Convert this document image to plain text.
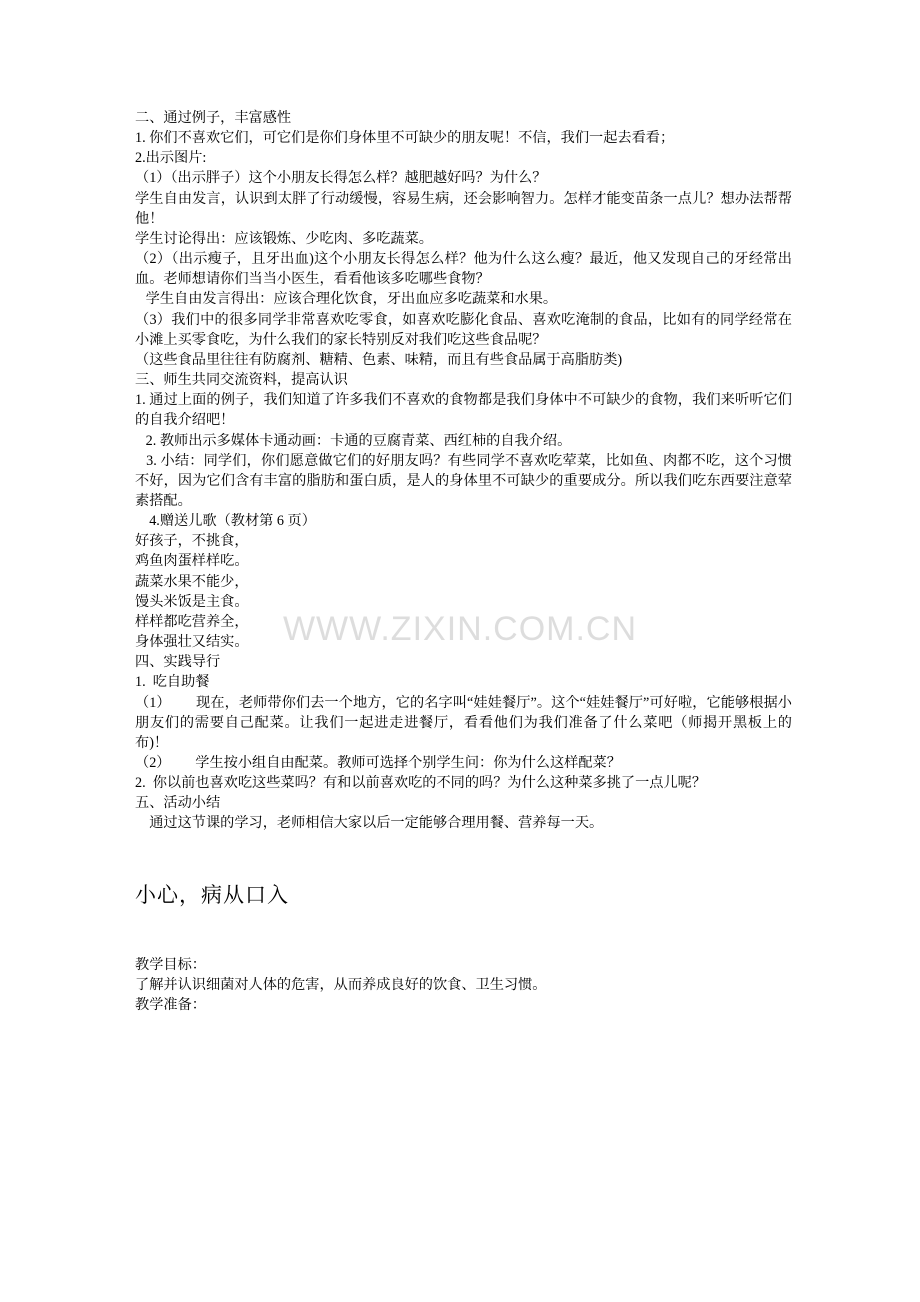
WWW.ZIXIN.COM.CN

二、通过例子，丰富感性

1. 你们不喜欢它们，可它们是你们身体里不可缺少的朋友呢！不信，我们一起去看看；

2.出示图片:

（1）（出示胖子）这个小朋友长得怎么样？越肥越好吗？为什么？

学生自由发言，认识到太胖了行动缓慢，容易生病，还会影响智力。怎样才能变苗条一点儿？想办法帮帮他！

学生讨论得出：应该锻炼、少吃肉、多吃蔬菜。

（2）（出示瘦子，且牙出血)这个小朋友长得怎么样？他为什么这么瘦？最近，他又发现自己的牙经常出血。老师想请你们当当小医生，看看他该多吃哪些食物？

学生自由发言得出：应该合理化饮食，牙出血应多吃蔬菜和水果。

（3）我们中的很多同学非常喜欢吃零食，如喜欢吃膨化食品、喜欢吃淹制的食品，比如有的同学经常在小滩上买零食吃，为什么我们的家长特别反对我们吃这些食品呢？

（这些食品里往往有防腐剂、糖精、色素、味精，而且有些食品属于高脂肪类)

三、师生共同交流资料，提高认识

1. 通过上面的例子，我们知道了许多我们不喜欢的食物都是我们身体中不可缺少的食物，我们来听听它们的自我介绍吧！

2. 教师出示多媒体卡通动画：卡通的豆腐青菜、西红柿的自我介绍。

3. 小结：同学们，你们愿意做它们的好朋友吗？有些同学不喜欢吃荤菜，比如鱼、肉都不吃，这个习惯不好，因为它们含有丰富的脂肪和蛋白质，是人的身体里不可缺少的重要成分。所以我们吃东西要注意荤素搭配。

4.赠送儿歌（教材第 6 页）

好孩子，不挑食，

鸡鱼肉蛋样样吃。

蔬菜水果不能少，

馒头米饭是主食。

样样都吃营养全，

身体强壮又结实。

四、实践导行

1.  吃自助餐

（1）       现在，老师带你们去一个地方，它的名字叫“娃娃餐厅”。这个“娃娃餐厅”可好啦，它能够根据小朋友们的需要自己配菜。让我们一起进走进餐厅，看看他们为我们准备了什么菜吧（师揭开黑板上的布)！

（2）       学生按小组自由配菜。教师可选择个别学生问：你为什么这样配菜？

2.  你以前也喜欢吃这些菜吗？有和以前喜欢吃的不同的吗？为什么这种菜多挑了一点儿呢？

五、活动小结

通过这节课的学习，老师相信大家以后一定能够合理用餐、营养每一天。

小心，病从口入

教学目标：

了解并认识细菌对人体的危害，从而养成良好的饮食、卫生习惯。

教学准备：
